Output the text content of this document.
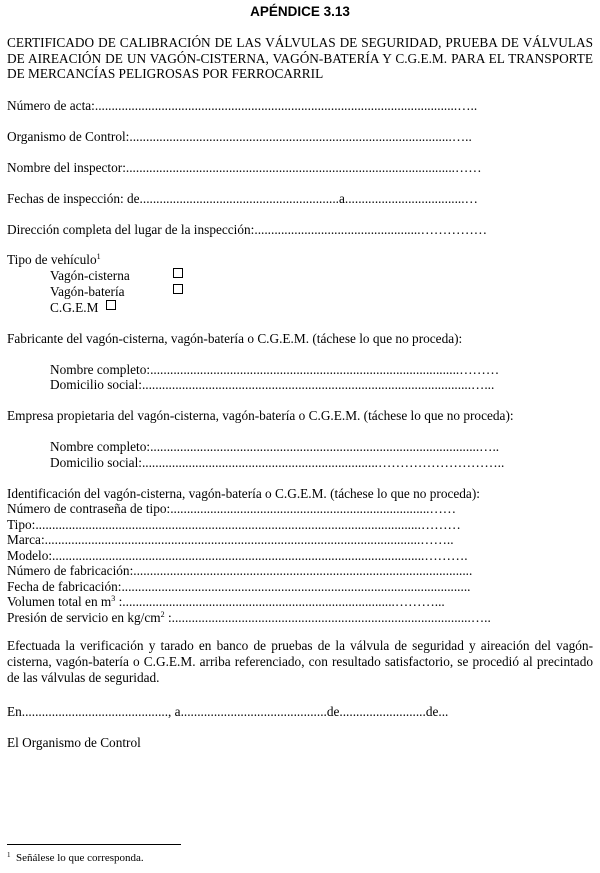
APÉNDICE 3.13
CERTIFICADO DE CALIBRACIÓN DE LAS VÁLVULAS DE SEGURIDAD, PRUEBA DE VÁLVULAS DE AIREACIÓN DE UN VAGÓN-CISTERNA, VAGÓN-BATERÍA Y C.G.E.M. PARA EL TRANSPORTE DE MERCANCÍAS PELIGROSAS POR FERROCARRIL
Número de acta:.............................................................................................................…..
Organismo de Control:.................................................................................................…..
Nombre del inspector:...................................................................................................……
Fechas de inspección: de............................................................a....................................…
Dirección completa del lugar de la inspección:..................................................……………
Tipo de vehículo$^1$
Vagón-cisterna
Vagón-batería
C.G.E.M
Fabricante del vagón-cisterna, vagón-batería o C.G.E.M. (táchese lo que no proceda):
Nombre completo:.............................................................................................………
Domicilio social:...................................................................................................…...
Empresa propietaria del vagón-cisterna, vagón-batería o C.G.E.M. (táchese lo que no proceda):
Nombre completo:...................................................................................................…..
Domicilio social:.......................................................................………………………..
Identificación del vagón-cisterna, vagón-batería o C.G.E.M. (táchese lo que no proceda):
Número de contraseña de tipo:..............................................................................……
Tipo:....................................................................................................................………
Marca:.................................................................................................................……..
Modelo:................................................................................................................……….
Número de fabricación:......................................................................................................
Fecha de fabricación:.........................................................................................................
Volumen total en $m^3$ :..................................................................................………...
Presión de servicio en $kg/cm^2$ :..........................................................................................…..
Efectuada la verificación y tarado en banco de pruebas de la válvula de seguridad y aireación del vagón-cisterna, vagón-batería o C.G.E.M. arriba referenciado, con resultado satisfactorio, se procedió al precintado de las válvulas de seguridad.
En............................................, a............................................de..........................de...
El Organismo de Control
$^1$ Señálese lo que corresponda.
